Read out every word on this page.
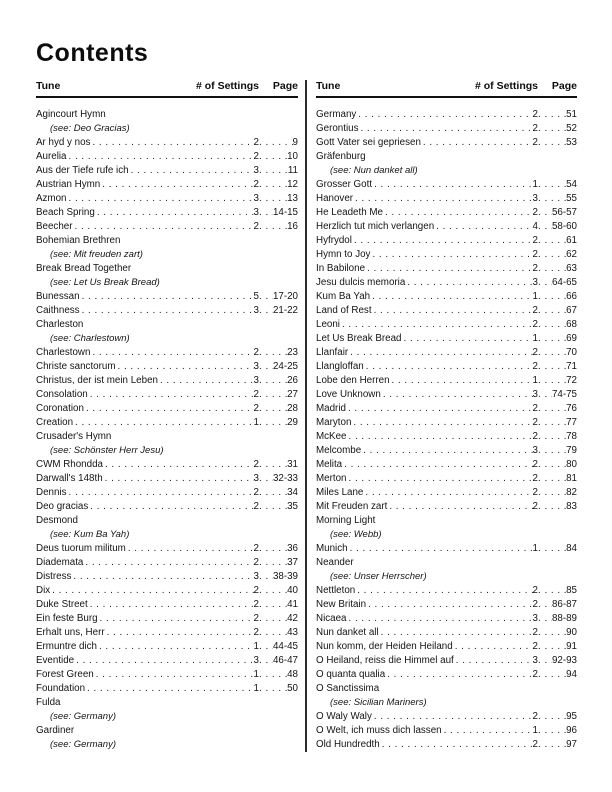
Contents
Tune	# of Settings	Page
Agincourt Hymn
(see: Deo Gracias)
Ar hyd y nos . . .	2 . . .	9
Aurelia . . .	2 . . .	10
Aus der Tiefe rufe ich . . .	3 . . .	11
Austrian Hymn . . .	2 . . .	12
Azmon . . .	3 . . .	13
Beach Spring . . .	3 . . . 14-15
Beecher . . .	2 . . .	16
Bohemian Brethren
(see: Mit freuden zart)
Break Bread Together
(see: Let Us Break Bread)
Bunessan . . .	5 . . . 17-20
Caithness . . .	3 . . . 21-22
Charleston
(see: Charlestown)
Charlestown . . .	2 . . .	23
Christe sanctorum . . .	3 . . . 24-25
Christus, der ist mein Leben . . .	3 . . .	26
Consolation . . .	2 . . .	27
Coronation . . .	2 . . .	28
Creation . . .	1 . . .	29
Crusader's Hymn
(see: Schönster Herr Jesu)
CWM Rhondda . . .	2 . . .	31
Darwall's 148th . . .	3 . . . 32-33
Dennis . . .	2 . . .	34
Deo gracias . . .	2 . . .	35
Desmond
(see: Kum Ba Yah)
Deus tuorum militum . . .	2 . . .	36
Diademata . . .	2 . . .	37
Distress . . .	3 . . . 38-39
Dix . . .	2 . . .	40
Duke Street . . .	2 . . .	41
Ein feste Burg . . .	2 . . .	42
Erhalt uns, Herr . . .	2 . . .	43
Ermuntre dich . . .	1 . . . 44-45
Eventide . . .	3 . . . 46-47
Forest Green . . .	1 . . .	48
Foundation . . .	1 . . .	50
Fulda
(see: Germany)
Gardiner
(see: Germany)
Tune	# of Settings	Page
Germany . . .	2 . . .	51
Gerontius . . .	2 . . .	52
Gott Vater sei gepriesen . . .	2 . . .	53
Gräfenburg
(see: Nun danket all)
Grosser Gott . . .	1 . . .	54
Hanover . . .	3 . . .	55
He Leadeth Me . . .	2 . . . 56-57
Herzlich tut mich verlangen . . .	4 . . . 58-60
Hyfrydol . . .	2 . . .	61
Hymn to Joy . . .	2 . . .	62
In Babilone . . .	2 . . .	63
Jesu dulcis memoria . . .	3 . . . 64-65
Kum Ba Yah . . .	1 . . .	66
Land of Rest . . .	2 . . .	67
Leoni . . .	2 . . .	68
Let Us Break Bread . . .	1 . . .	69
Llanfair . . .	2 . . .	70
Llangloffan . . .	2 . . .	71
Lobe den Herren . . .	1 . . .	72
Love Unknown . . .	3 . . . 74-75
Madrid . . .	2 . . .	76
Maryton . . .	2 . . .	77
McKee . . .	2 . . .	78
Melcombe . . .	3 . . .	79
Melita . . .	2 . . .	80
Merton . . .	2 . . .	81
Miles Lane . . .	2 . . .	82
Mit Freuden zart . . .	2 . . .	83
Morning Light
(see: Webb)
Munich . . .	1 . . .	84
Neander
(see: Unser Herrscher)
Nettleton . . .	2 . . .	85
New Britain . . .	2 . . . 86-87
Nicaea . . .	3 . . . 88-89
Nun danket all . . .	2 . . .	90
Nun komm, der Heiden Heiland . . .	2 . . .	91
O Heiland, reiss die Himmel auf . . .	3 . . . 92-93
O quanta qualia . . .	2 . . .	94
O Sanctissima
(see: Sicilian Mariners)
O Waly Waly . . .	2 . . .	95
O Welt, ich muss dich lassen . . .	1 . . .	96
Old Hundredth . . .	2 . . .	97
